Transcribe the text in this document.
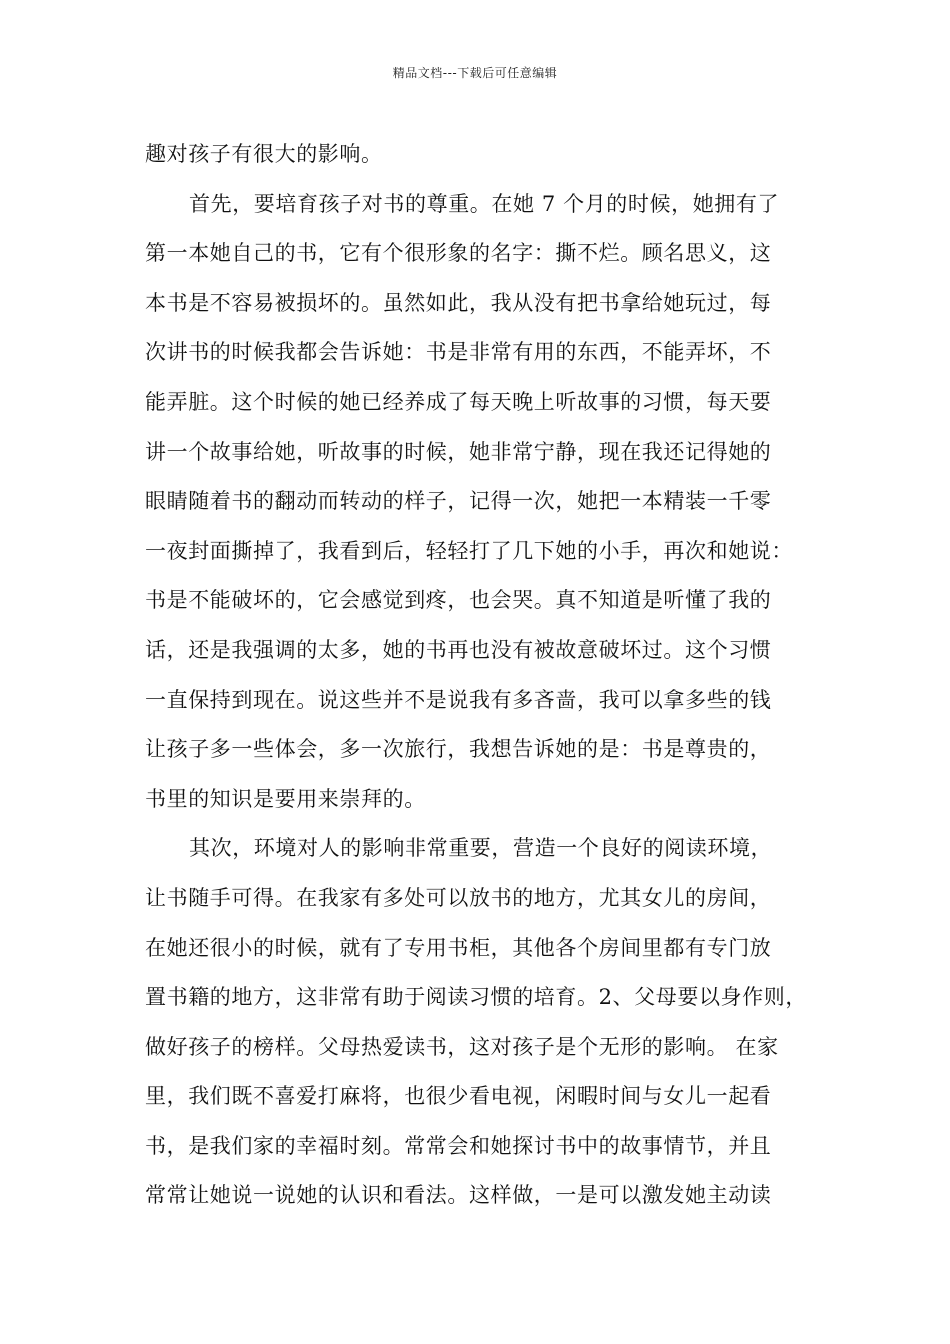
精品文档---下载后可任意编辑
趣对孩子有很大的影响。
首先，要培育孩子对书的尊重。在她 7 个月的时候，她拥有了
第一本她自己的书，它有个很形象的名字：撕不烂。顾名思义，这
本书是不容易被损坏的。虽然如此，我从没有把书拿给她玩过，每
次讲书的时候我都会告诉她：书是非常有用的东西，不能弄坏，不
能弄脏。这个时候的她已经养成了每天晚上听故事的习惯，每天要
讲一个故事给她，听故事的时候，她非常宁静，现在我还记得她的
眼睛随着书的翻动而转动的样子，记得一次，她把一本精装一千零
一夜封面撕掉了，我看到后，轻轻打了几下她的小手，再次和她说：
书是不能破坏的，它会感觉到疼，也会哭。真不知道是听懂了我的
话，还是我强调的太多，她的书再也没有被故意破坏过。这个习惯
一直保持到现在。说这些并不是说我有多吝啬，我可以拿多些的钱
让孩子多一些体会，多一次旅行，我想告诉她的是：书是尊贵的，
书里的知识是要用来崇拜的。
其次，环境对人的影响非常重要，营造一个良好的阅读环境，
让书随手可得。在我家有多处可以放书的地方，尤其女儿的房间，
在她还很小的时候，就有了专用书柜，其他各个房间里都有专门放
置书籍的地方，这非常有助于阅读习惯的培育。2、父母要以身作则，
做好孩子的榜样。父母热爱读书，这对孩子是个无形的影响。 在家
里，我们既不喜爱打麻将，也很少看电视，闲暇时间与女儿一起看
书，是我们家的幸福时刻。常常会和她探讨书中的故事情节，并且
常常让她说一说她的认识和看法。这样做，一是可以激发她主动读
